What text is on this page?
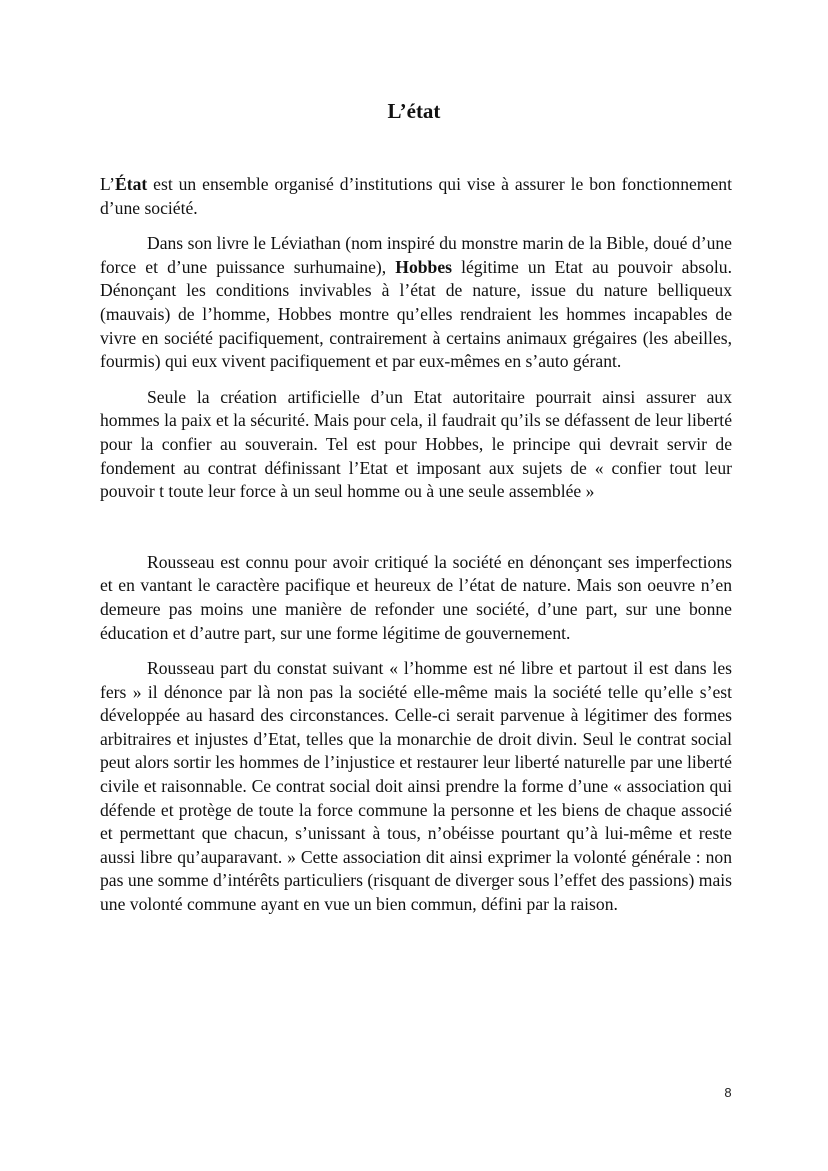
L’état

L’État est un ensemble organisé d’institutions qui vise à assurer le bon fonctionnement d’une société.

Dans son livre le Léviathan (nom inspiré du monstre marin de la Bible, doué d’une force et d’une puissance surhumaine), Hobbes légitime un Etat au pouvoir absolu. Dénonçant les conditions invivables à l’état de nature, issue du nature belliqueux (mauvais) de l’homme, Hobbes montre qu’elles rendraient les hommes incapables de vivre en société pacifiquement, contrairement à certains animaux grégaires (les abeilles, fourmis) qui eux vivent pacifiquement et par eux-mêmes en s’auto gérant.

Seule la création artificielle d’un Etat autoritaire pourrait ainsi assurer aux hommes la paix et la sécurité. Mais pour cela, il faudrait qu’ils se défassent de leur liberté pour la confier au souverain. Tel est pour Hobbes, le principe qui devrait servir de fondement au contrat définissant l’Etat et imposant aux sujets de « confier tout leur pouvoir t toute leur force à un seul homme ou à une seule assemblée »

Rousseau est connu pour avoir critiqué la société en dénonçant ses imperfections et en vantant le caractère pacifique et heureux de l’état de nature. Mais son oeuvre n’en demeure pas moins une manière de refonder une société, d’une part, sur une bonne éducation et d’autre part, sur une forme légitime de gouvernement.

Rousseau part du constat suivant « l’homme est né libre et partout il est dans les fers » il dénonce par là non pas la société elle-même mais la société telle qu’elle s’est développée au hasard des circonstances. Celle-ci serait parvenue à légitimer des formes arbitraires et injustes d’Etat, telles que la monarchie de droit divin. Seul le contrat social peut alors sortir les hommes de l’injustice et restaurer leur liberté naturelle par une liberté civile et raisonnable. Ce contrat social doit ainsi prendre la forme d’une « association qui défende et protège de toute la force commune la personne et les biens de chaque associé et permettant que chacun, s’unissant à tous, n’obéisse pourtant qu’à lui-même et reste aussi libre qu’auparavant. » Cette association dit ainsi exprimer la volonté générale : non pas une somme d’intérêts particuliers (risquant de diverger sous l’effet des passions) mais une volonté commune ayant en vue un bien commun, défini par la raison.

8
